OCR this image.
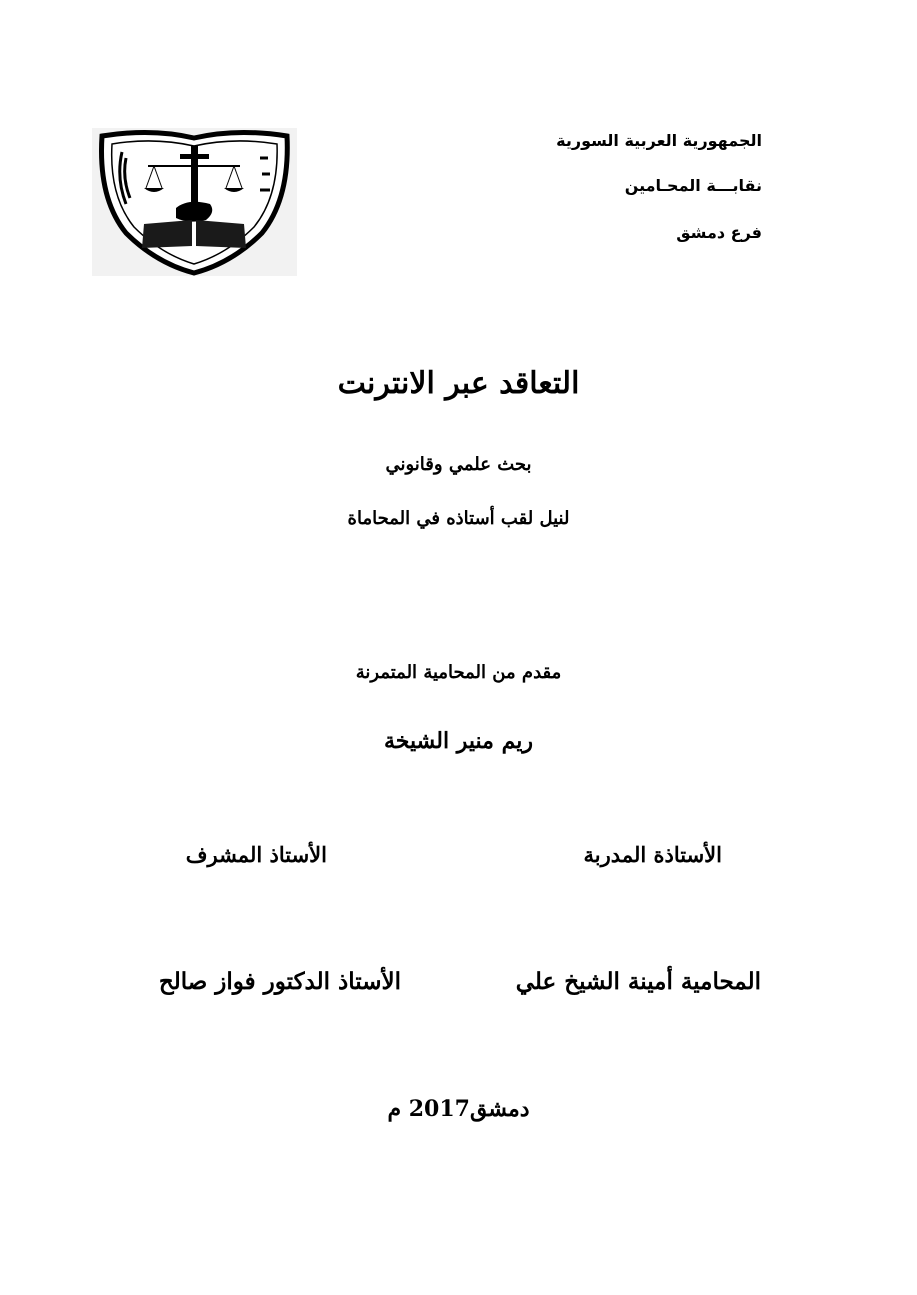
الجمهورية العربية السورية
نقابـــة المحـامين
فرع دمشق
التعاقد عبر الانترنت
بحث علمي وقانوني
لنيل لقب أستاذه في المحاماة
مقدم من المحامية المتمرنة
ريم منير الشيخة
الأستاذة المدربة
الأستاذ المشرف
المحامية أمينة الشيخ علي
الأستاذ الدكتور فواز صالح
دمشق2017 م
